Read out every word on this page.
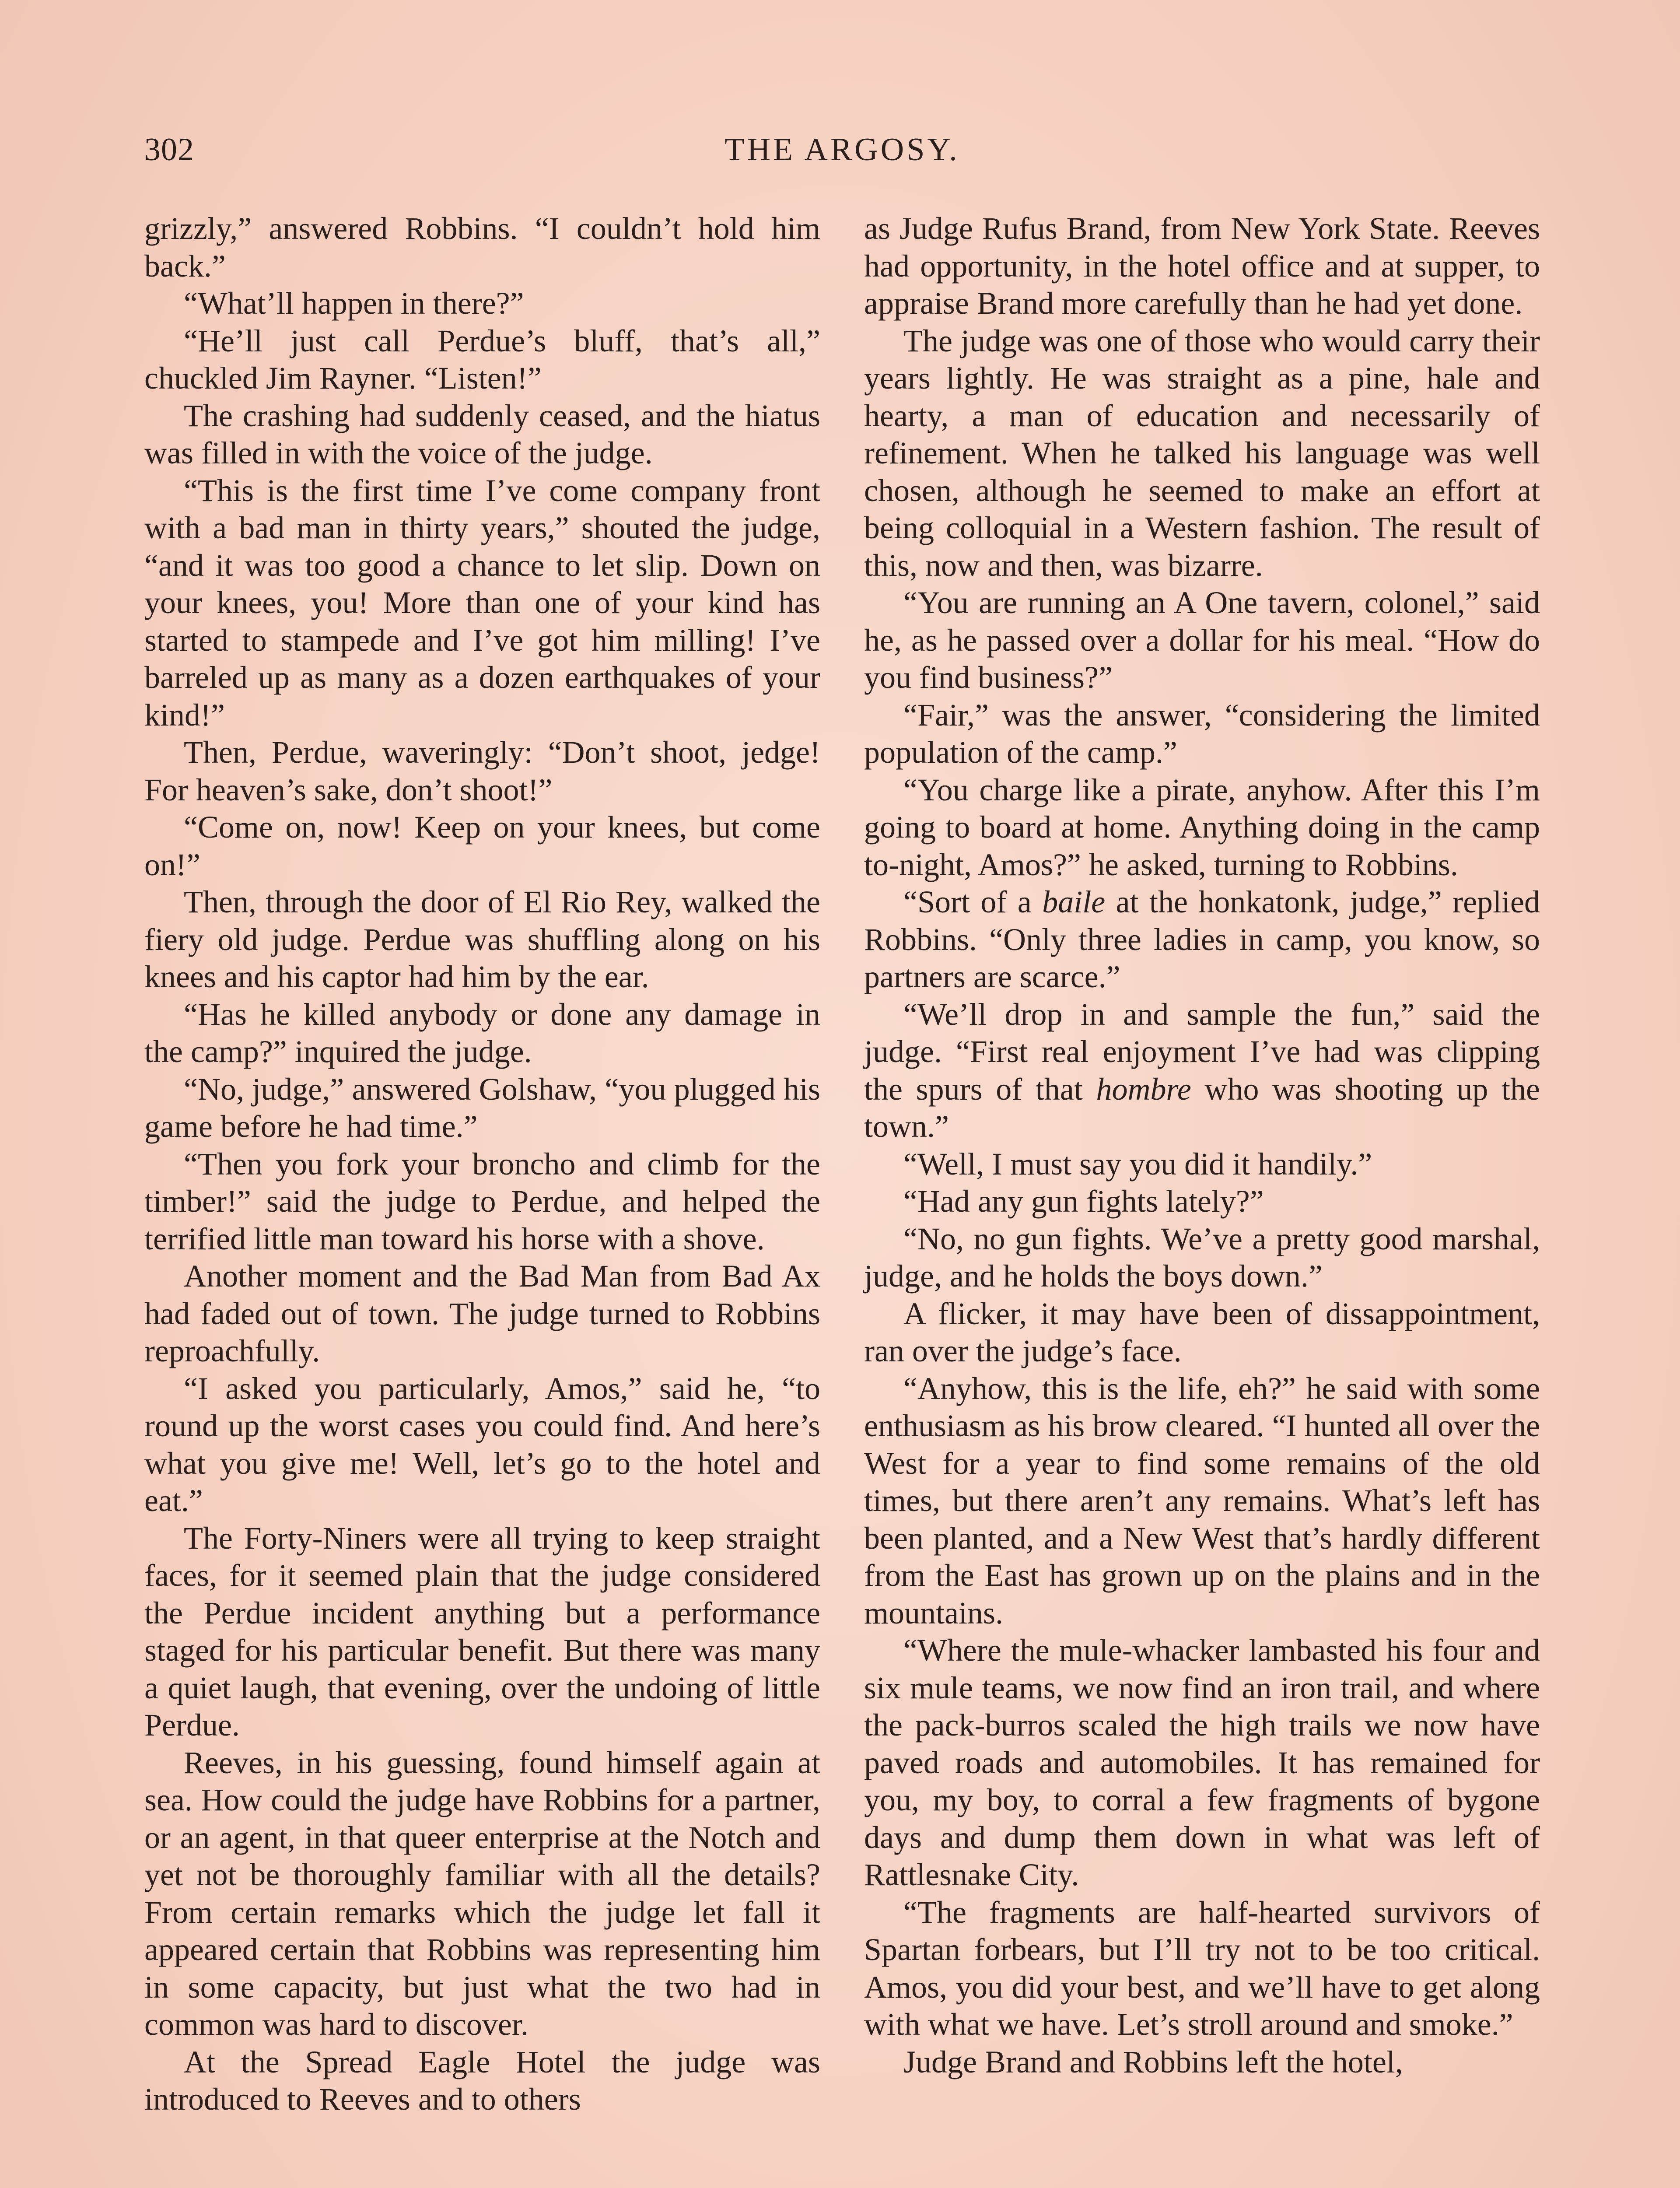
302	THE ARGOSY.

grizzly,” answered Robbins. “I couldn’t hold him back.”

“What’ll happen in there?”

“He’ll just call Perdue’s bluff, that’s all,” chuckled Jim Rayner. “Listen!”

The crashing had suddenly ceased, and the hiatus was filled in with the voice of the judge.

“This is the first time I’ve come company front with a bad man in thirty years,” shouted the judge, “and it was too good a chance to let slip. Down on your knees, you! More than one of your kind has started to stampede and I’ve got him milling! I’ve barreled up as many as a dozen earthquakes of your kind!”

Then, Perdue, waveringly: “Don’t shoot, jedge! For heaven’s sake, don’t shoot!”

“Come on, now! Keep on your knees, but come on!”

Then, through the door of El Rio Rey, walked the fiery old judge. Perdue was shuffling along on his knees and his captor had him by the ear.

“Has he killed anybody or done any damage in the camp?” inquired the judge.

“No, judge,” answered Golshaw, “you plugged his game before he had time.”

“Then you fork your broncho and climb for the timber!” said the judge to Perdue, and helped the terrified little man toward his horse with a shove.

Another moment and the Bad Man from Bad Ax had faded out of town. The judge turned to Robbins reproachfully.

“I asked you particularly, Amos,” said he, “to round up the worst cases you could find. And here’s what you give me! Well, let’s go to the hotel and eat.”

The Forty-Niners were all trying to keep straight faces, for it seemed plain that the judge considered the Perdue incident anything but a performance staged for his particular benefit. But there was many a quiet laugh, that evening, over the undoing of little Perdue.

Reeves, in his guessing, found himself again at sea. How could the judge have Robbins for a partner, or an agent, in that queer enterprise at the Notch and yet not be thoroughly familiar with all the details? From certain remarks which the judge let fall it appeared certain that Robbins was representing him in some capacity, but just what the two had in common was hard to discover.

At the Spread Eagle Hotel the judge was introduced to Reeves and to others

as Judge Rufus Brand, from New York State. Reeves had opportunity, in the hotel office and at supper, to appraise Brand more carefully than he had yet done.

The judge was one of those who would carry their years lightly. He was straight as a pine, hale and hearty, a man of education and necessarily of refinement. When he talked his language was well chosen, although he seemed to make an effort at being colloquial in a Western fashion. The result of this, now and then, was bizarre.

“You are running an A One tavern, colonel,” said he, as he passed over a dollar for his meal. “How do you find business?”

“Fair,” was the answer, “considering the limited population of the camp.”

“You charge like a pirate, anyhow. After this I’m going to board at home. Anything doing in the camp to-night, Amos?” he asked, turning to Robbins.

“Sort of a baile at the honkatonk, judge,” replied Robbins. “Only three ladies in camp, you know, so partners are scarce.”

“We’ll drop in and sample the fun,” said the judge. “First real enjoyment I’ve had was clipping the spurs of that hombre who was shooting up the town.”

“Well, I must say you did it handily.”

“Had any gun fights lately?”

“No, no gun fights. We’ve a pretty good marshal, judge, and he holds the boys down.”

A flicker, it may have been of dissappointment, ran over the judge’s face.

“Anyhow, this is the life, eh?” he said with some enthusiasm as his brow cleared. “I hunted all over the West for a year to find some remains of the old times, but there aren’t any remains. What’s left has been planted, and a New West that’s hardly different from the East has grown up on the plains and in the mountains.

“Where the mule-whacker lambasted his four and six mule teams, we now find an iron trail, and where the pack-burros scaled the high trails we now have paved roads and automobiles. It has remained for you, my boy, to corral a few fragments of bygone days and dump them down in what was left of Rattlesnake City.

“The fragments are half-hearted survivors of Spartan forbears, but I’ll try not to be too critical. Amos, you did your best, and we’ll have to get along with what we have. Let’s stroll around and smoke.”

Judge Brand and Robbins left the hotel,
